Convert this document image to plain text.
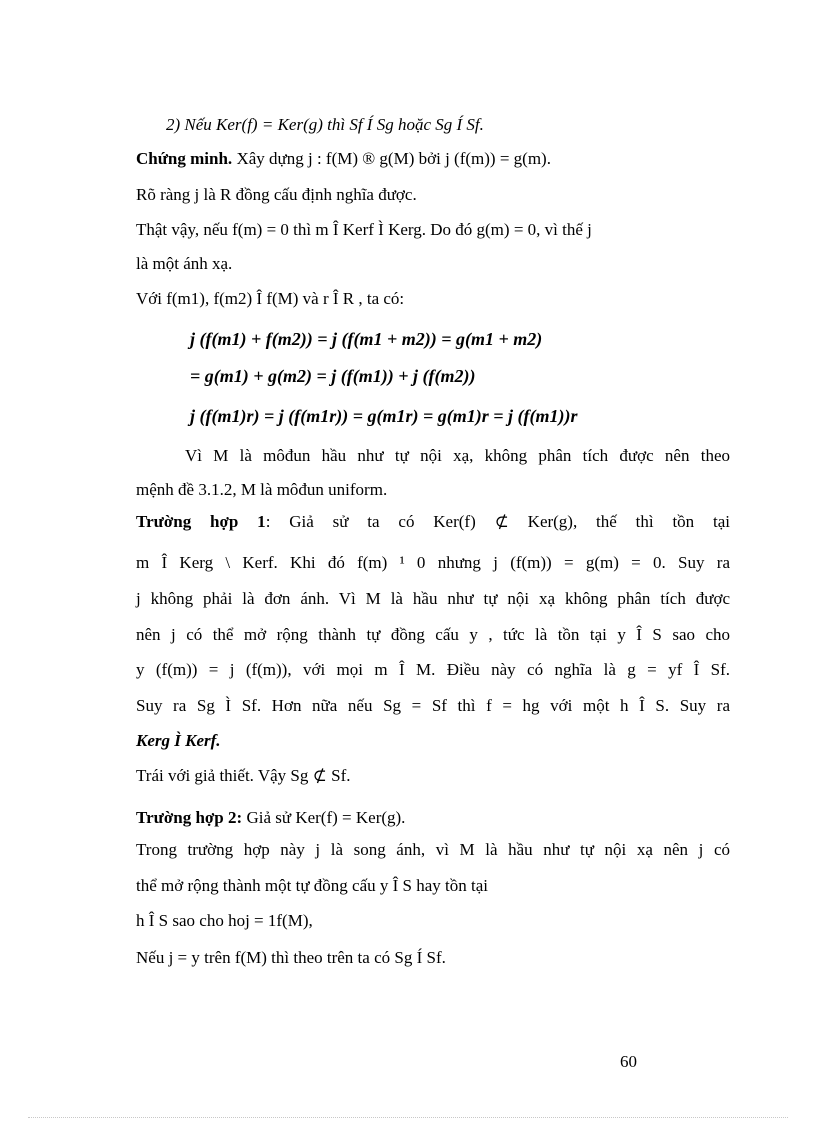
2) Nếu Ker(f) = Ker(g) thì Sf Í Sg hoặc Sg Í Sf.
Chứng minh. Xây dựng j : f(M) ® g(M) bởi j (f(m)) = g(m).
Rõ ràng j là R đồng cấu định nghĩa được.
Thật vậy, nếu f(m) = 0 thì m Î Kerf Ì Kerg. Do đó g(m) = 0, vì thế j
là một ánh xạ.
Với f(m1), f(m2) Î f(M) và r Î R , ta có:
j (f(m1) + f(m2)) = j (f(m1 + m2)) = g(m1 + m2)
= g(m1) + g(m2) = j (f(m1)) + j (f(m2))
j (f(m1)r) = j (f(m1r)) = g(m1r) = g(m1)r = j (f(m1))r
Vì M là môđun hầu như tự nội xạ, không phân tích được nên theo
mệnh đề 3.1.2, M là môđun uniform.
Trường hợp 1: Giả sử ta có Ker(f) ⊄ Ker(g), thế thì tồn tại
m Î Kerg \ Kerf. Khi đó f(m) ¹ 0 nhưng j (f(m)) = g(m) = 0. Suy ra
j không phải là đơn ánh. Vì M là hầu như tự nội xạ không phân tích được
nên j có thể mở rộng thành tự đồng cấu y , tức là tồn tại y Î S sao cho
y (f(m)) = j (f(m)), với mọi m Î M. Điều này có nghĩa là g = yf Î Sf.
Suy ra Sg Ì Sf. Hơn nữa nếu Sg = Sf thì f = hg với một h Î S. Suy ra
Kerg Ì Kerf.
Trái với giả thiết. Vậy Sg ⊄ Sf.
Trường hợp 2: Giả sử Ker(f) = Ker(g).
Trong trường hợp này j là song ánh, vì M là hầu như tự nội xạ nên j có
thể mở rộng thành một tự đồng cấu y Î S hay tồn tại
h Î S sao cho hoj = 1f(M),
Nếu j = y trên f(M) thì theo trên ta có Sg Í Sf.
60
